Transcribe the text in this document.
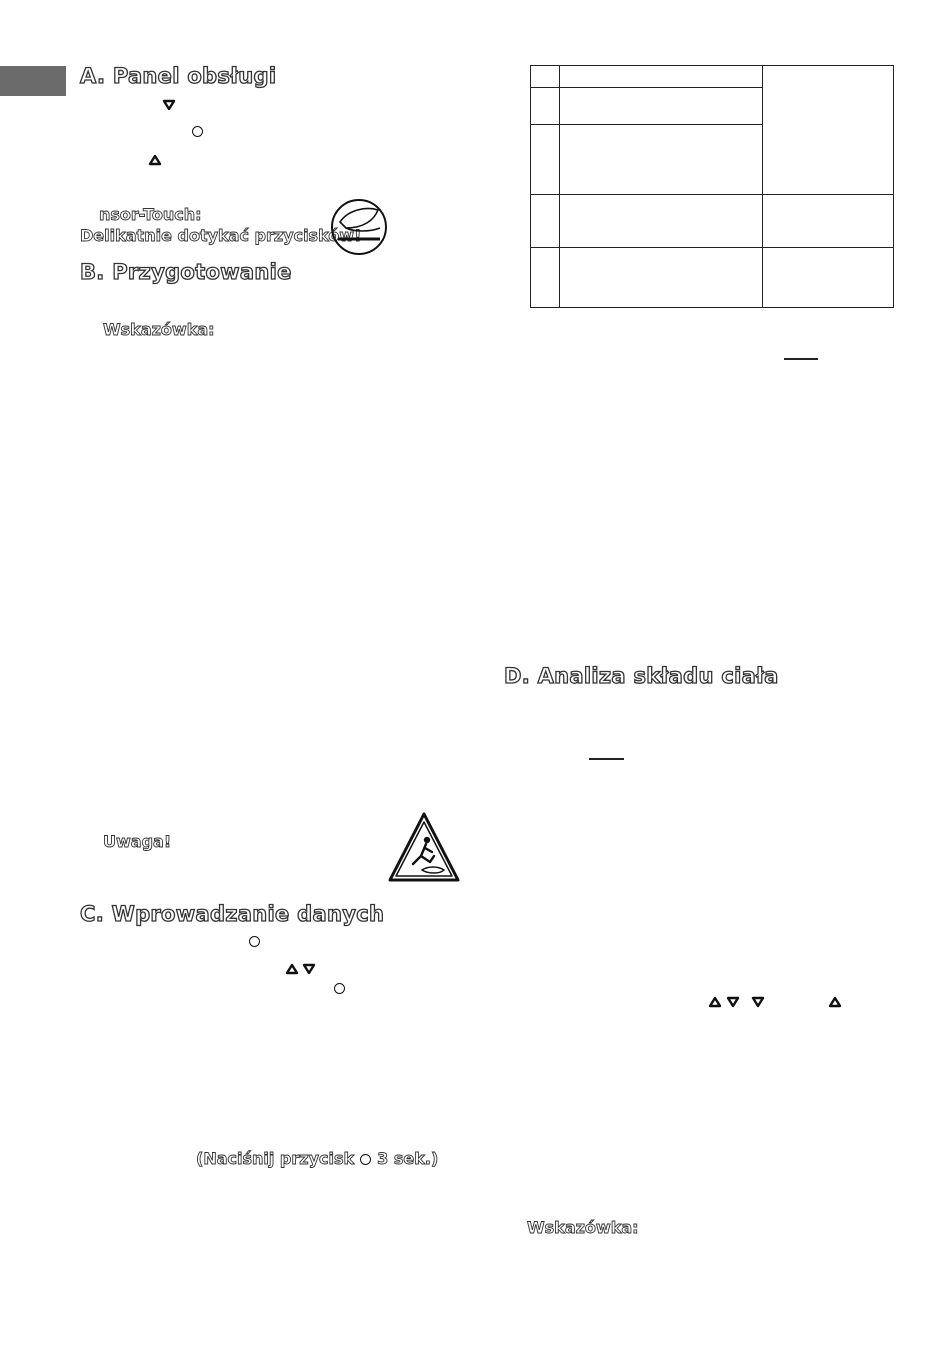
A. Panel obsługi
nsor-Touch:
Delikatnie dotykać przycisków!
B. Przygotowanie
Wskazówka:
Uwaga!
C. Wprowadzanie danych
(Naciśnij przycisk 3 sek.)

D. Analiza składu ciała
Wskazówka:
